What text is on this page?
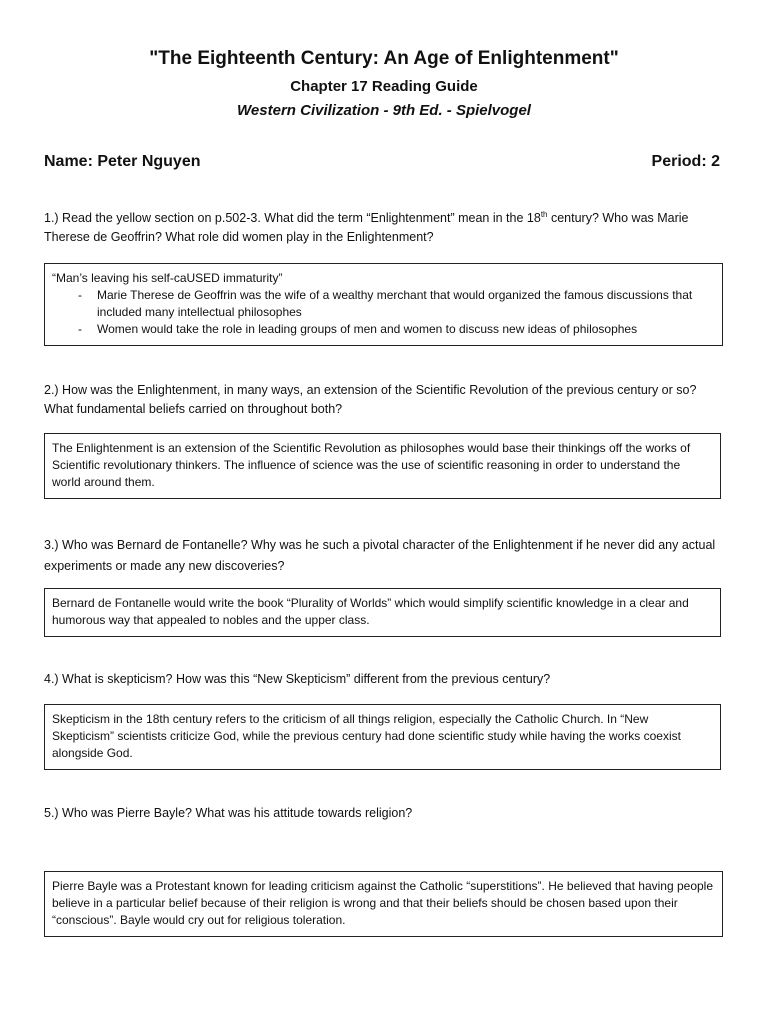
"The Eighteenth Century: An Age of Enlightenment"
Chapter 17 Reading Guide
Western Civilization - 9th Ed. - Spielvogel
Name: Peter Nguyen	Period: 2
1.) Read the yellow section on p.502-3. What did the term “Enlightenment” mean in the 18th century? Who was Marie Therese de Geoffrin? What role did women play in the Enlightenment?
“Man’s leaving his self-caUSED immaturity”
- Marie Therese de Geoffrin was the wife of a wealthy merchant that would organized the famous discussions that included many intellectual philosophes
- Women would take the role in leading groups of men and women to discuss new ideas of philosophes
2.) How was the Enlightenment, in many ways, an extension of the Scientific Revolution of the previous century or so? What fundamental beliefs carried on throughout both?
The Enlightenment is an extension of the Scientific Revolution as philosophes would base their thinkings off the works of Scientific revolutionary thinkers. The influence of science was the use of scientific reasoning in order to understand the world around them.
3.) Who was Bernard de Fontanelle? Why was he such a pivotal character of the Enlightenment if he never did any actual experiments or made any new discoveries?
Bernard de Fontanelle would write the book “Plurality of Worlds” which would simplify scientific knowledge in a clear and humorous way that appealed to nobles and the upper class.
4.) What is skepticism? How was this “New Skepticism” different from the previous century?
Skepticism in the 18th century refers to the criticism of all things religion, especially the Catholic Church. In “New Skepticism” scientists criticize God, while the previous century had done scientific study while having the works coexist alongside God.
5.) Who was Pierre Bayle? What was his attitude towards religion?
Pierre Bayle was a Protestant known for leading criticism against the Catholic “superstitions”. He believed that having people believe in a particular belief because of their religion is wrong and that their beliefs should be chosen based upon their “conscious”. Bayle would cry out for religious toleration.
